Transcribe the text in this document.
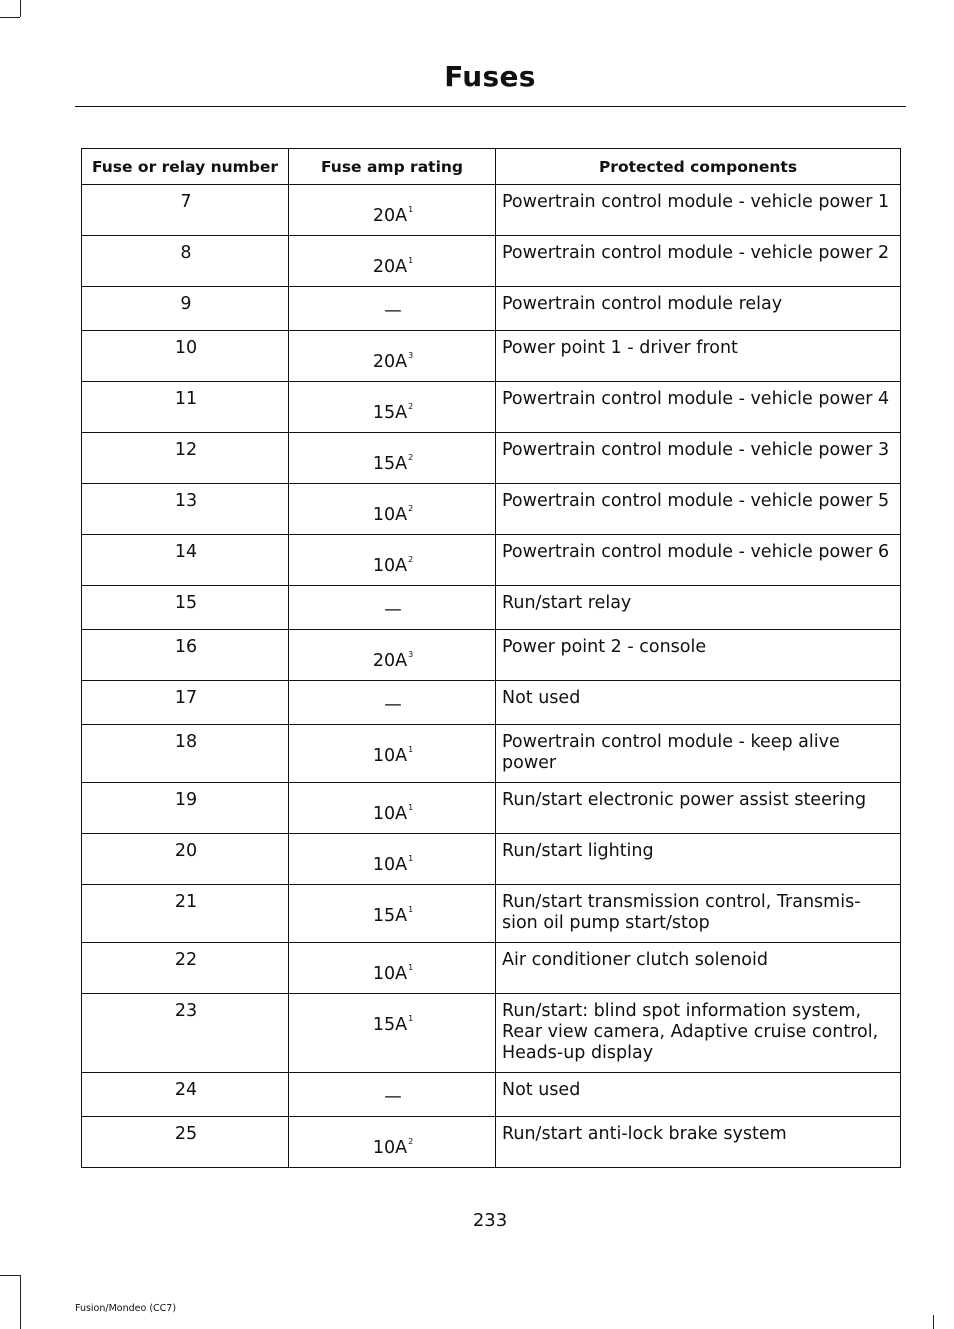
Fuses
Fuse or relay number	Fuse amp rating	Protected components
7	$20A^1$	Powertrain control module - vehicle power 1
8	$20A^1$	Powertrain control module - vehicle power 2
9	—	Powertrain control module relay
10	$20A^3$	Power point 1 - driver front
11	$15A^2$	Powertrain control module - vehicle power 4
12	$15A^2$	Powertrain control module - vehicle power 3
13	$10A^2$	Powertrain control module - vehicle power 5
14	$10A^2$	Powertrain control module - vehicle power 6
15	—	Run/start relay
16	$20A^3$	Power point 2 - console
17	—	Not used
18	$10A^1$	Powertrain control module - keep alive power
19	$10A^1$	Run/start electronic power assist steering
20	$10A^1$	Run/start lighting
21	$15A^1$	Run/start transmission control, Transmis-sion oil pump start/stop
22	$10A^1$	Air conditioner clutch solenoid
23	$15A^1$	Run/start: blind spot information system, Rear view camera, Adaptive cruise control, Heads-up display
24	—	Not used
25	$10A^2$	Run/start anti-lock brake system
233
Fusion/Mondeo (CC7)
